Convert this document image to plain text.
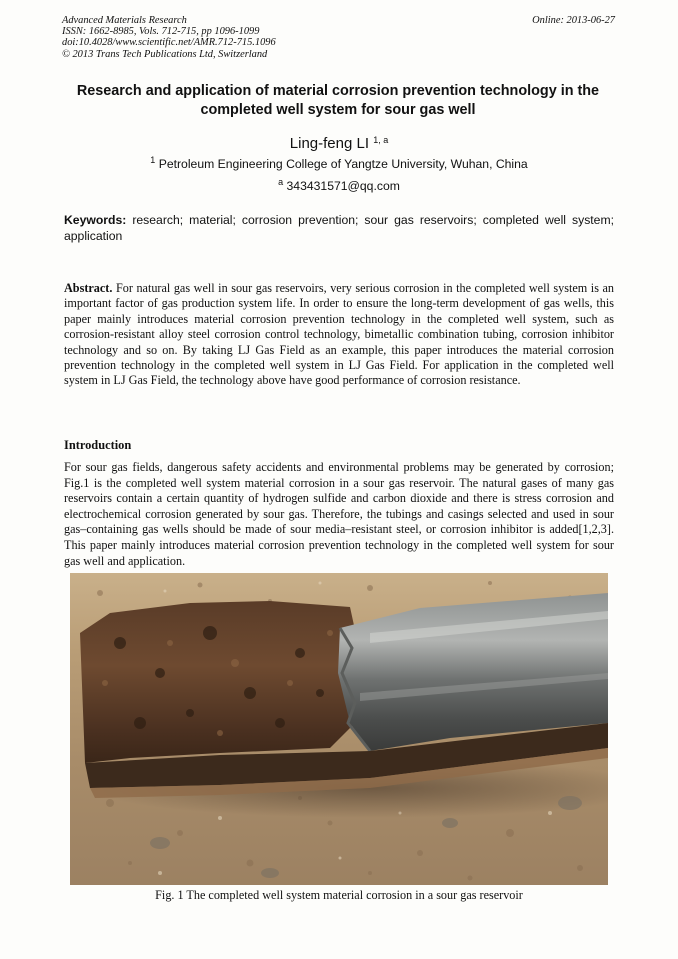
Advanced Materials Research
ISSN: 1662-8985, Vols. 712-715, pp 1096-1099
doi:10.4028/www.scientific.net/AMR.712-715.1096
© 2013 Trans Tech Publications Ltd, Switzerland
Online: 2013-06-27
Research and application of material corrosion prevention technology in the completed well system for sour gas well
Ling-feng LI $^{1, a}$
$^1$ Petroleum Engineering College of Yangtze University, Wuhan, China
$^a$ 343431571@qq.com
Keywords: research; material; corrosion prevention; sour gas reservoirs; completed well system; application
Abstract. For natural gas well in sour gas reservoirs, very serious corrosion in the completed well system is an important factor of gas production system life. In order to ensure the long-term development of gas wells, this paper mainly introduces material corrosion prevention technology in the completed well system, such as corrosion-resistant alloy steel corrosion control technology, bimetallic combination tubing, corrosion inhibitor technology and so on. By taking LJ Gas Field as an example, this paper introduces the material corrosion prevention technology in the completed well system in LJ Gas Field. For application in the completed well system in LJ Gas Field, the technology above have good performance of corrosion resistance.
Introduction
For sour gas fields, dangerous safety accidents and environmental problems may be generated by corrosion; Fig.1 is the completed well system material corrosion in a sour gas reservoir. The natural gases of many gas reservoirs contain a certain quantity of hydrogen sulfide and carbon dioxide and there is stress corrosion and electrochemical corrosion generated by sour gas. Therefore, the tubings and casings selected and used in sour gas–containing gas wells should be made of sour media–resistant steel, or corrosion inhibitor is added[1,2,3]. This paper mainly introduces material corrosion prevention technology in the completed well system for sour gas well and application.
Fig. 1 The completed well system material corrosion in a sour gas reservoir
